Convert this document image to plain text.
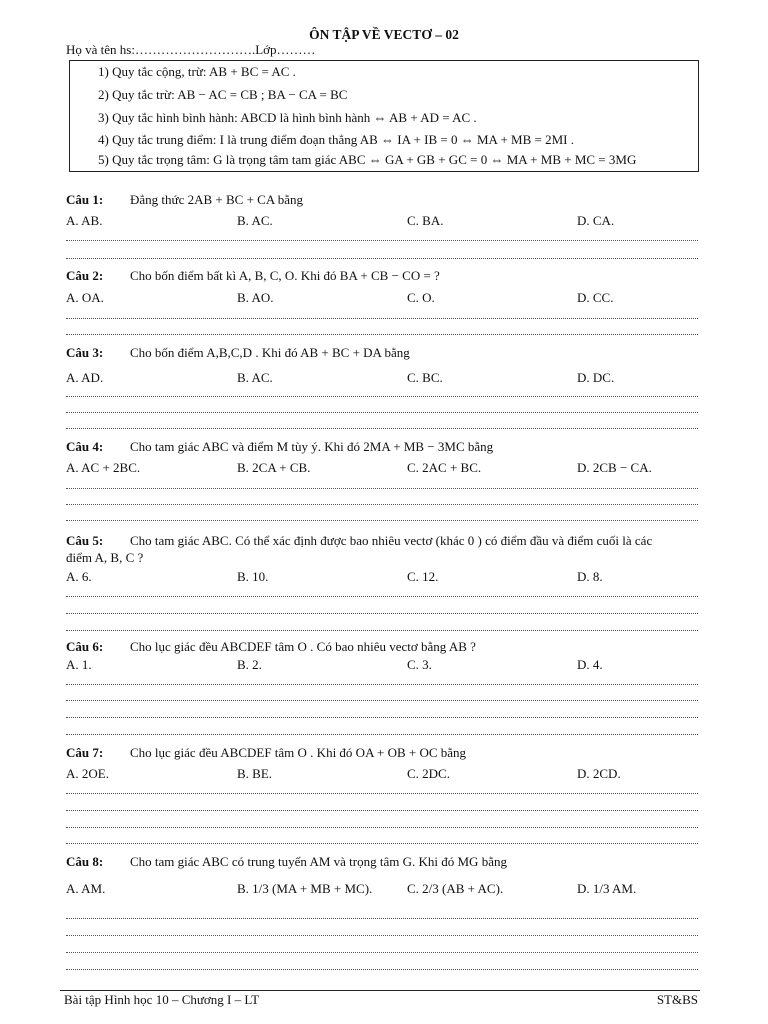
ÔN TẬP VỀ VECTƠ – 02
Họ và tên hs:……………………….Lớp………
1) Quy tắc cộng, trừ: AB + BC = AC .
2) Quy tắc trừ: AB − AC = CB ; BA − CA = BC
3) Quy tắc hình bình hành: ABCD là hình bình hành ⇔ AB + AD = AC .
4) Quy tắc trung điểm: I là trung điểm đoạn thẳng AB ⇔ IA + IB = 0 ⇔ MA + MB = 2MI .
5) Quy tắc trọng tâm: G là trọng tâm tam giác ABC ⇔ GA + GB + GC = 0 ⇔ MA + MB + MC = 3MG
Câu 1: Đẳng thức 2AB + BC + CA bằng
A. AB.	B. AC.	C. BA.	D. CA.
Câu 2: Cho bốn điểm bất kì A, B, C, O. Khi đó BA + CB − CO = ?
A. OA.	B. AO.	C. O.	D. CC.
Câu 3: Cho bốn điểm A,B,C,D . Khi đó AB + BC + DA bằng
A. AD.	B. AC.	C. BC.	D. DC.
Câu 4: Cho tam giác ABC và điểm M tùy ý. Khi đó 2MA + MB − 3MC bằng
A. AC + 2BC.	B. 2CA + CB.	C. 2AC + BC.	D. 2CB − CA.
Câu 5: Cho tam giác ABC. Có thể xác định được bao nhiêu vectơ (khác 0 ) có điểm đầu và điểm cuối là các
điểm A, B, C ?
A. 6.	B. 10.	C. 12.	D. 8.
Câu 6: Cho lục giác đều ABCDEF tâm O . Có bao nhiêu vectơ bằng AB ?
A. 1.	B. 2.	C. 3.	D. 4.
Câu 7: Cho lục giác đều ABCDEF tâm O . Khi đó OA + OB + OC bằng
A. 2OE.	B. BE.	C. 2DC.	D. 2CD.
Câu 8: Cho tam giác ABC có trung tuyến AM và trọng tâm G. Khi đó MG bằng
A. AM.	B. 1/3 (MA + MB + MC).	C. 2/3 (AB + AC).	D. 1/3 AM.
Bài tập Hình học 10 – Chương I – LT	ST&BS
